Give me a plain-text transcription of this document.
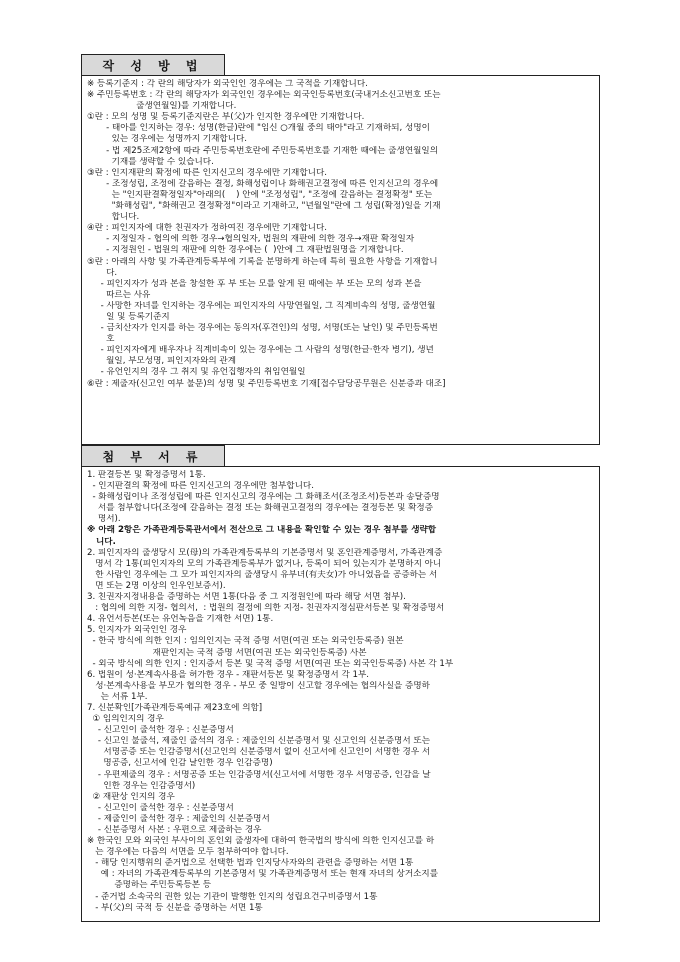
작 성 방 법
※ 등록기준지 : 각 란의 해당자가 외국인인 경우에는 그 국적을 기재합니다.
※ 주민등록번호 : 각 란의 해당자가 외국인인 경우에는 외국인등록번호(국내거소신고번호 또는
출생연월일)를 기재합니다.
①란 : 모의 성명 및 등록기준지란은 부(父)가 인지한 경우에만 기재합니다.
- 태아를 인지하는 경우: 성명(한글)란에 "임신 ○개월 중의 태아"라고 기재하되, 성명이
있는 경우에는 성명까지 기재합니다.
- 법 제25조제2항에 따라 주민등록번호란에 주민등록번호를 기재한 때에는 출생연월일의
기재를 생략할 수 있습니다.
③란 : 인지재판의 확정에 따른 인지신고의 경우에만 기재합니다.
- 조정성립, 조정에 갈음하는 결정, 화해성립이나 화해권고결정에 따른 인지신고의 경우에
는 "인지판결확정일자"아래의(    ) 안에 "조정성립", "조정에 갈음하는 결정확정" 또는
"화해성립", "화해권고 결정확정"이라고 기재하고, "년월일"란에 그 성립(확정)일을 기재
합니다.
④란 : 피인지자에 대한 친권자가 정하여진 경우에만 기재합니다.
- 지정일자 - 협의에 의한 경우→협의일자, 법원의 재판에 의한 경우→재판 확정일자
- 지정원인 - 법원의 재판에 의한 경우에는 (  )안에 그 재판법원명을 기재합니다.
⑤란 : 아래의 사항 및 가족관계등록부에 기록을 분명하게 하는데 특히 필요한 사항을 기재합니
다.
- 피인지자가 성과 본을 창설한 후 부 또는 모를 알게 된 때에는 부 또는 모의 성과 본을
따르는 사유
- 사망한 자녀를 인지하는 경우에는 피인지자의 사망연월일, 그 직계비속의 성명, 출생연월
일 및 등록기준지
- 금치산자가 인지를 하는 경우에는 동의자(후견인)의 성명, 서명(또는 날인) 및 주민등록번
호
- 피인지자에게 배우자나 직계비속이 있는 경우에는 그 사람의 성명(한글·한자 병기), 생년
월일, 부모성명, 피인지자와의 관계
- 유언인지의 경우 그 취지 및 유언집행자의 취임연월일
⑥란 : 제출자(신고인 여부 불문)의 성명 및 주민등록번호 기재[접수담당공무원은 신분증과 대조]
첨 부 서 류
1. 판결등본 및 확정증명서 1통.
- 인지판결의 확정에 따른 인지신고의 경우에만 첨부합니다.
- 화해성립이나 조정성립에 따른 인지신고의 경우에는 그 화해조서(조정조서)등본과 송달증명
서를 첨부합니다(조정에 갈음하는 결정 또는 화해권고결정의 경우에는 결정등본 및 확정증
명서).
※ 아래 2항은 가족관계등록관서에서 전산으로 그 내용을 확인할 수 있는 경우 첨부를 생략합
니다.
2. 피인지자의 출생당시 모(母)의 가족관계등록부의 기본증명서 및 혼인관계증명서, 가족관계증
명서 각 1통(피인지자의 모의 가족관계등록부가 없거나, 등록이 되어 있는지가 분명하지 아니
한 사람인 경우에는 그 모가 피인지자의 출생당시 유부녀(有夫女)가 아니었음을 공증하는 서
면 또는 2명 이상의 인우인보증서).
3. 친권자지정내용을 증명하는 서면 1통(다음 중 그 지정원인에 따라 해당 서면 첨부).
: 협의에 의한 지정- 협의서,  : 법원의 결정에 의한 지정- 친권자지정심판서등본 및 확정증명서
4. 유언서등본(또는 유언녹음을 기재한 서면) 1통.
5. 인지자가 외국인인 경우
- 한국 방식에 의한 인지 : 임의인지는 국적 증명 서면(여권 또는 외국인등록증) 원본
재판인지는 국적 증명 서면(여권 또는 외국인등록증) 사본
- 외국 방식에 의한 인지 : 인지증서 등본 및 국적 증명 서면(여권 또는 외국인등록증) 사본 각 1부
6. 법원이 성·본계속사용을 허가한 경우 - 재판서등본 및 확정증명서 각 1부.
성·본계속사용을 부모가 협의한 경우 - 부모 중 일방이 신고할 경우에는 협의사실을 증명하
는 서류 1부.
7. 신분확인[가족관계등록예규 제23호에 의함]
① 임의인지의 경우
- 신고인이 출석한 경우 : 신분증명서
- 신고인 불출석, 제출인 출석의 경우 : 제출인의 신분증명서 및 신고인의 신분증명서 또는
서명공증 또는 인감증명서(신고인의 신분증명서 없이 신고서에 신고인이 서명한 경우 서
명공증, 신고서에 인감 날인한 경우 인감증명)
- 우편제출의 경우 : 서명공증 또는 인감증명서(신고서에 서명한 경우 서명공증, 인감을 날
인한 경우는 인감증명서)
② 재판상 인지의 경우
- 신고인이 출석한 경우 : 신분증명서
- 제출인이 출석한 경우 : 제출인의 신분증명서
- 신분증명서 사본 : 우편으로 제출하는 경우
※ 한국인 모와 외국인 부사이의 혼인외 출생자에 대하여 한국법의 방식에 의한 인지신고를 하
는 경우에는 다음의 서면을 모두 첨부하여야 합니다.
- 해당 인지행위의 준거법으로 선택한 법과 인지당사자와의 관련을 증명하는 서면 1통
예 : 자녀의 가족관계등록부의 기본증명서 및 가족관계증명서 또는 현재 자녀의 상거소지를
증명하는 주민등록등본 등
- 준거법 소속국의 권한 있는 기관이 발행한 인지의 성립요건구비증명서 1통
- 부(父)의 국적 등 신분을 증명하는 서면 1통
